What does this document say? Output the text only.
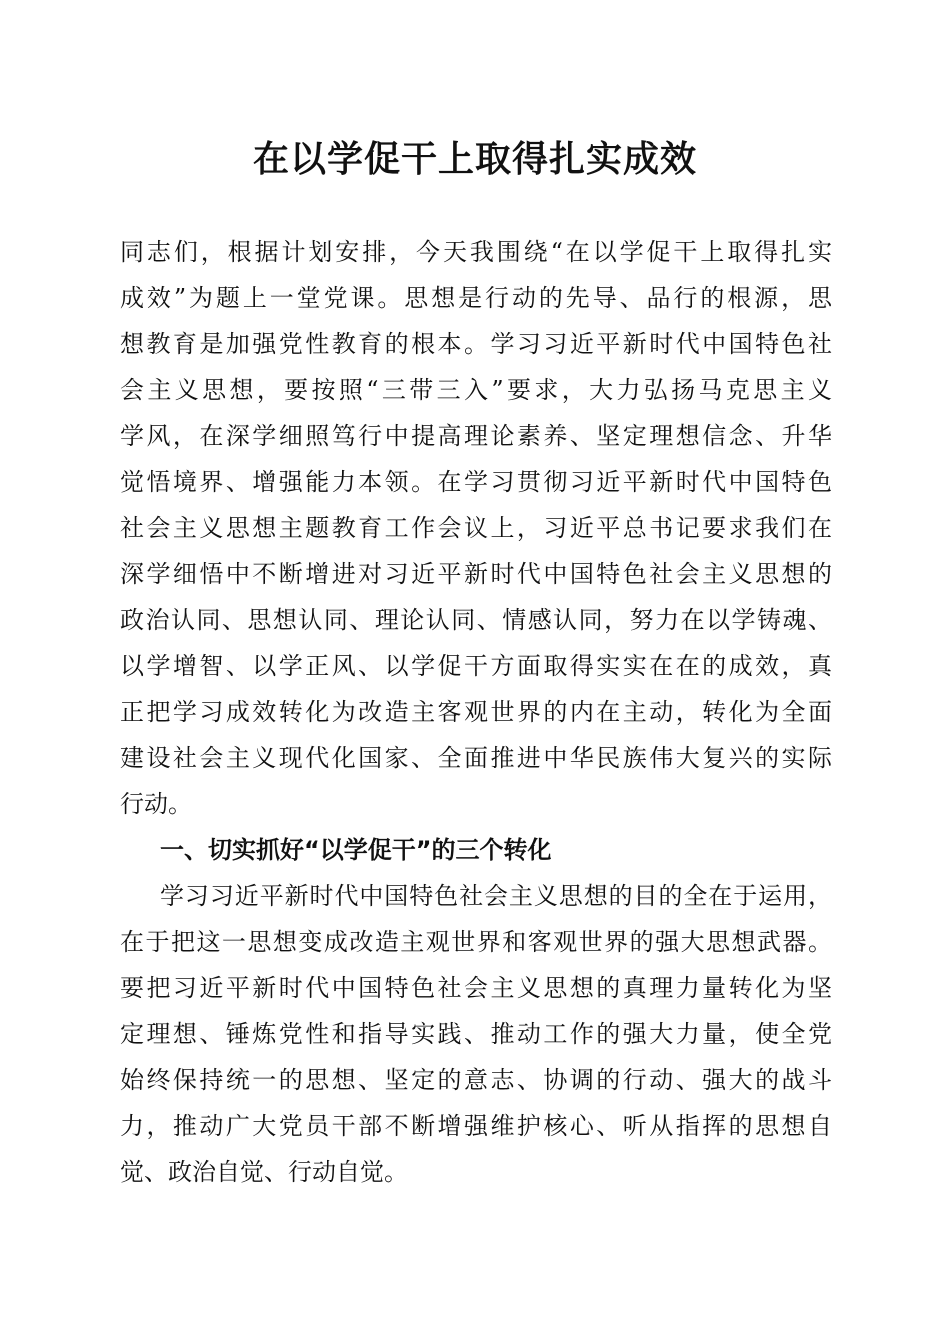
在以学促干上取得扎实成效

同志们，根据计划安排，今天我围绕“在以学促干上取得扎实

成效”为题上一堂党课。思想是行动的先导、品行的根源，思

想教育是加强党性教育的根本。学习习近平新时代中国特色社

会主义思想，要按照“三带三入”要求，大力弘扬马克思主义

学风，在深学细照笃行中提高理论素养、坚定理想信念、升华

觉悟境界、增强能力本领。在学习贯彻习近平新时代中国特色

社会主义思想主题教育工作会议上，习近平总书记要求我们在

深学细悟中不断增进对习近平新时代中国特色社会主义思想的

政治认同、思想认同、理论认同、情感认同，努力在以学铸魂、

以学增智、以学正风、以学促干方面取得实实在在的成效，真

正把学习成效转化为改造主客观世界的内在主动，转化为全面

建设社会主义现代化国家、全面推进中华民族伟大复兴的实际

行动。

一、切实抓好“以学促干”的三个转化

学习习近平新时代中国特色社会主义思想的目的全在于运用，

在于把这一思想变成改造主观世界和客观世界的强大思想武器。

要把习近平新时代中国特色社会主义思想的真理力量转化为坚

定理想、锤炼党性和指导实践、推动工作的强大力量，使全党

始终保持统一的思想、坚定的意志、协调的行动、强大的战斗

力，推动广大党员干部不断增强维护核心、听从指挥的思想自

觉、政治自觉、行动自觉。
